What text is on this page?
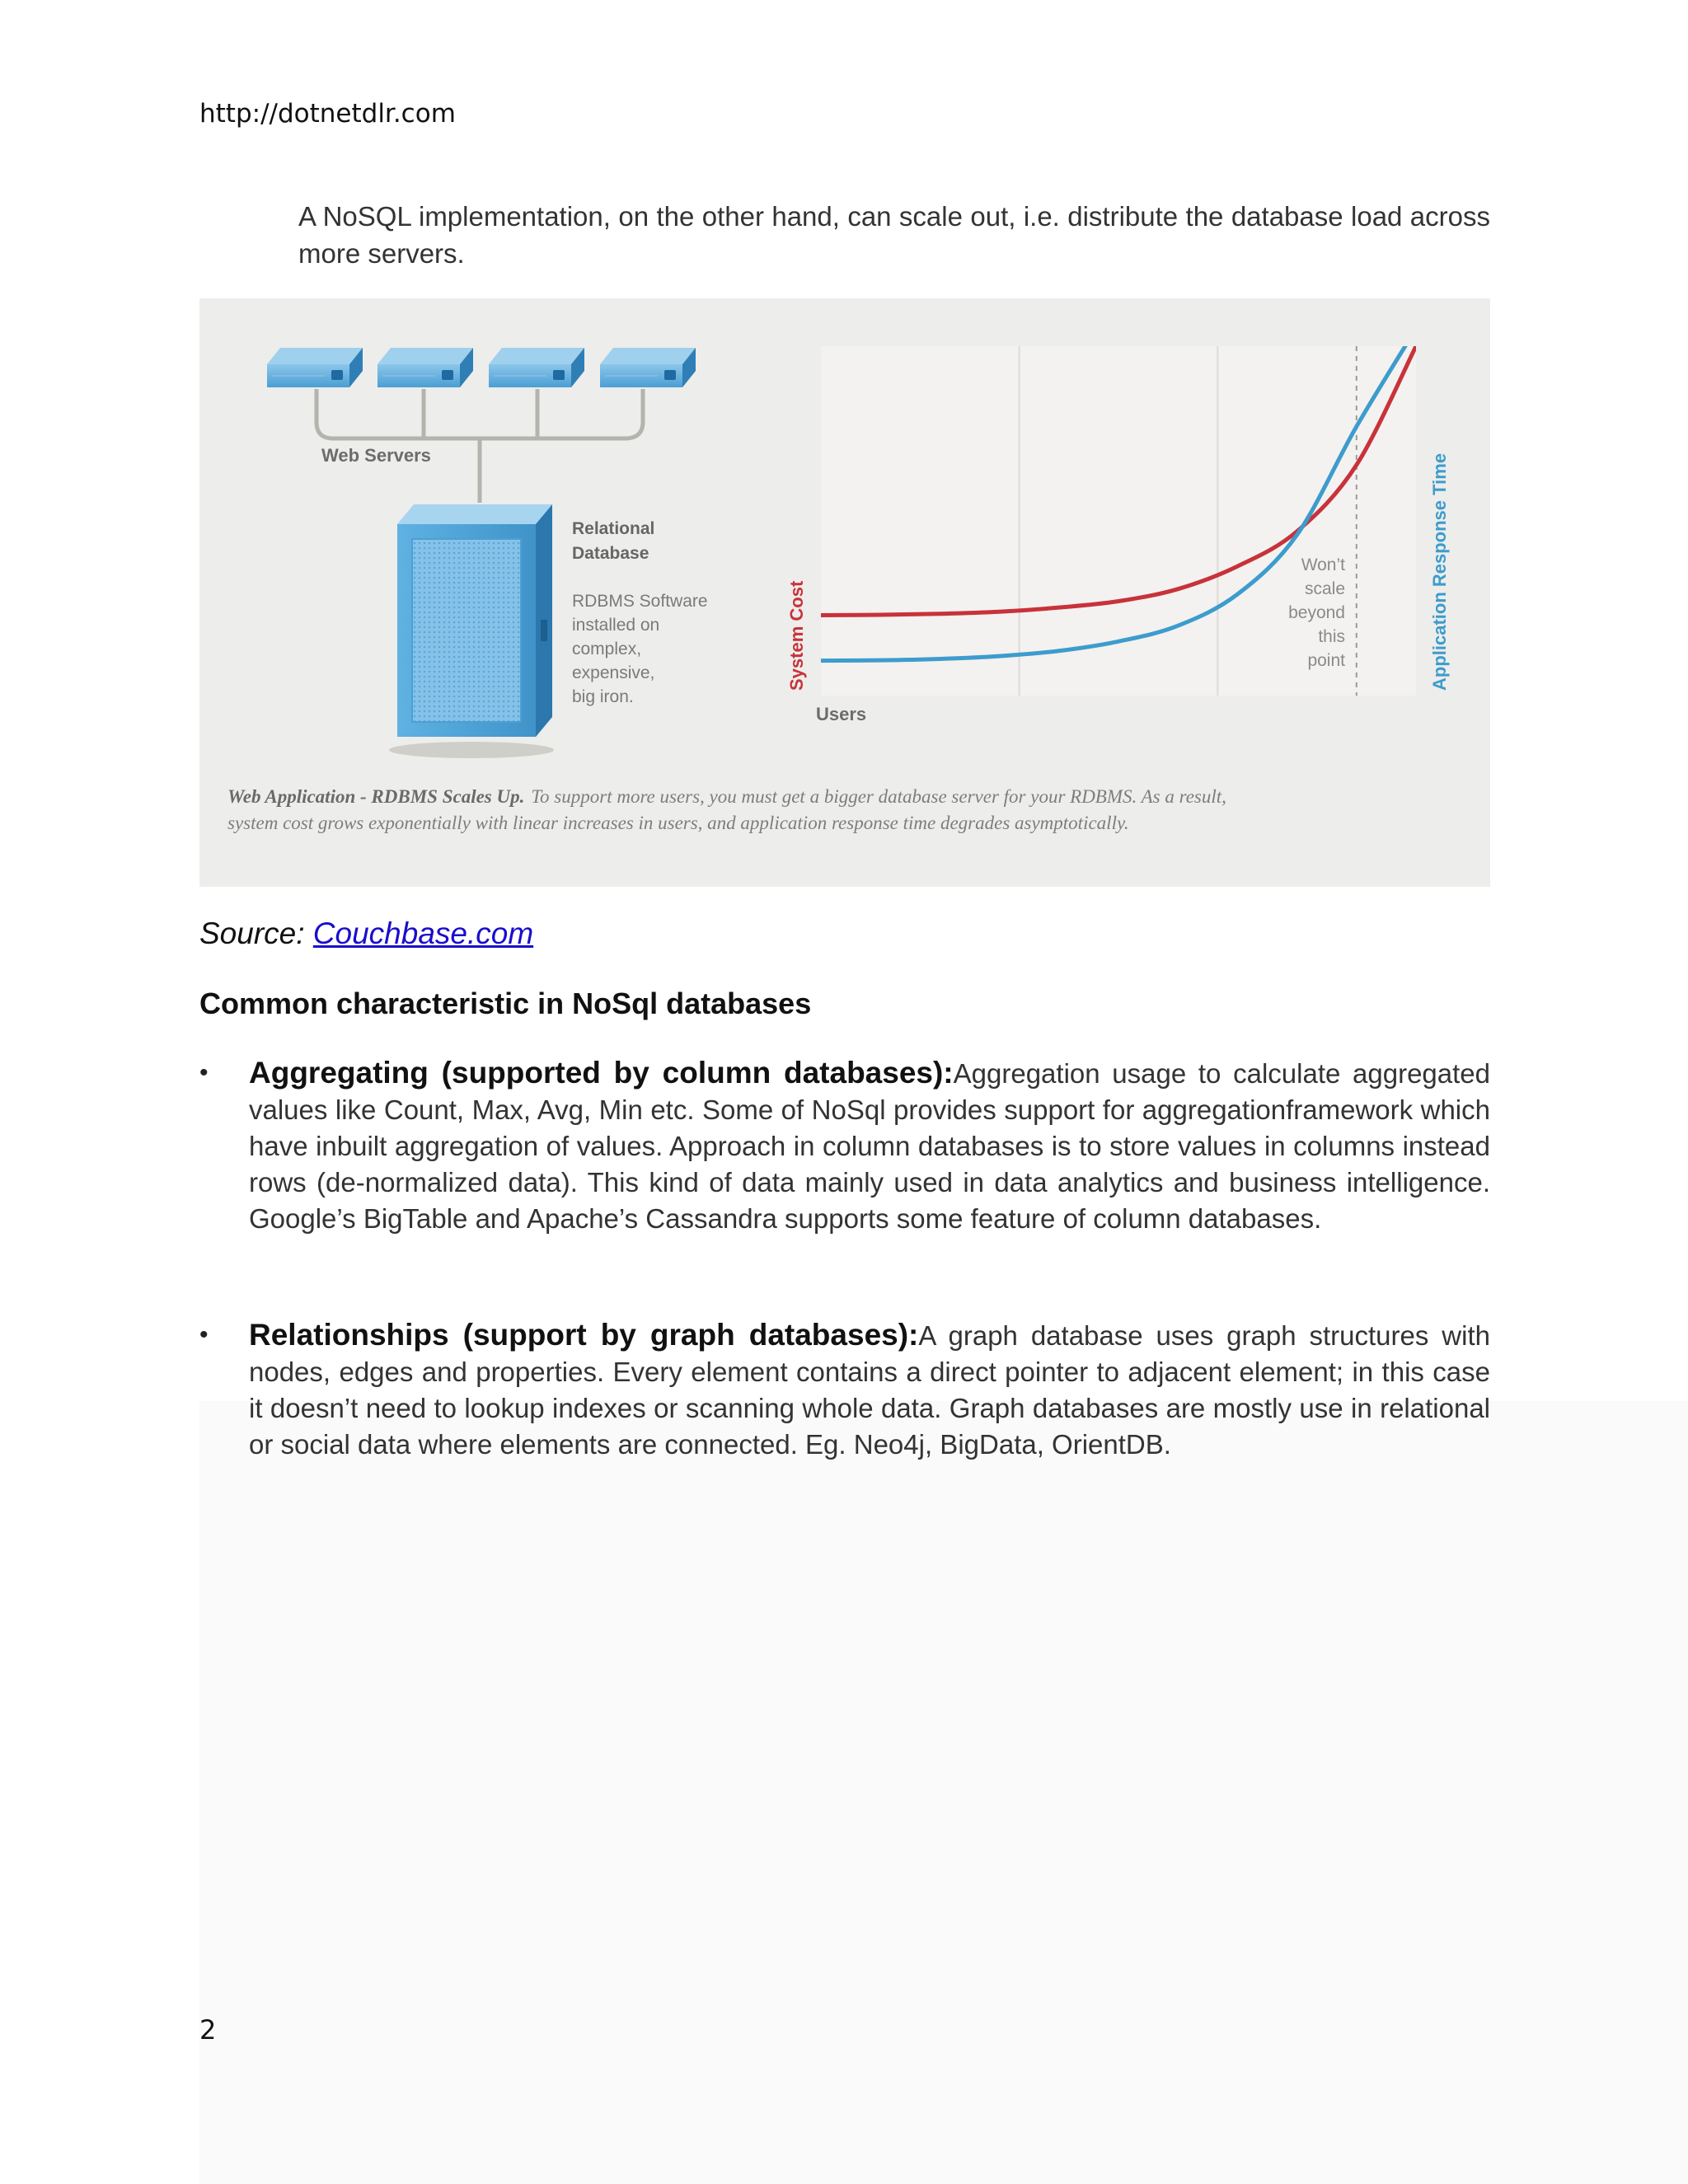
http://dotnetdlr.com
A NoSQL implementation, on the other hand, can scale out, i.e. distribute the database load across more servers.
Web Servers
Relational
Database
RDBMS Software
installed on
complex,
expensive,
big iron.
Won’t
scale
beyond
this
point
System Cost	Application Response Time
Users
Web Application - RDBMS Scales Up. To support more users, you must get a bigger database server for your RDBMS. As a result,
system cost grows exponentially with linear increases in users, and application response time degrades asymptotically.
Source: Couchbase.com
Common characteristic in NoSql databases
• Aggregating (supported by column databases):Aggregation usage to calculate aggregated values like Count, Max, Avg, Min etc. Some of NoSql provides support for aggregationframework which have inbuilt aggregation of values. Approach in column databases is to store values in columns instead rows (de-normalized data). This kind of data mainly used in data analytics and business intelligence. Google’s BigTable and Apache’s Cassandra supports some feature of column databases.
• Relationships (support by graph databases):A graph database uses graph structures with nodes, edges and properties. Every element contains a direct pointer to adjacent element; in this case it doesn’t need to lookup indexes or scanning whole data. Graph databases are mostly use in relational or social data where elements are connected. Eg. Neo4j, BigData, OrientDB.
2
